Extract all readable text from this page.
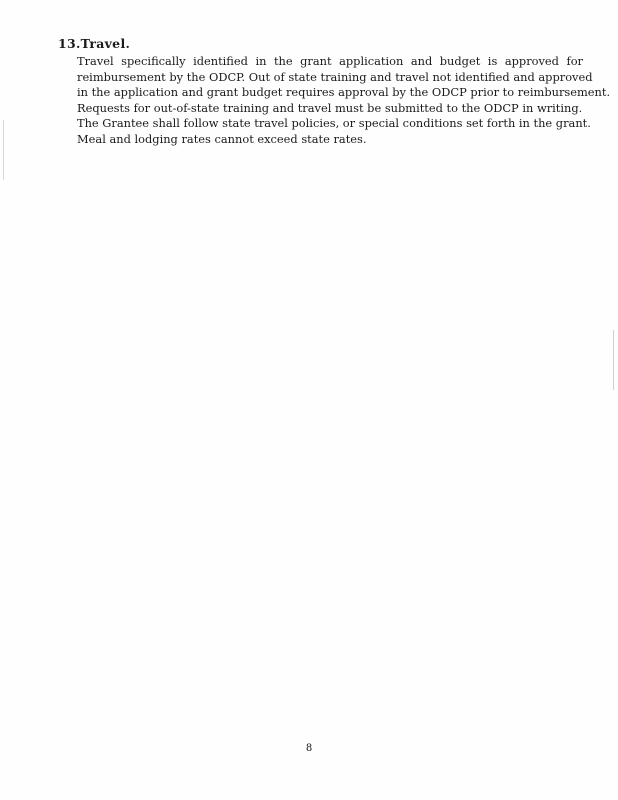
13.Travel.
Travel specifically identified in the grant application and budget is approved for
reimbursement by the ODCP. Out of state training and travel not identified and approved
in the application and grant budget requires approval by the ODCP prior to reimbursement.
Requests for out-of-state training and travel must be submitted to the ODCP in writing.
The Grantee shall follow state travel policies, or special conditions set forth in the grant.
Meal and lodging rates cannot exceed state rates.
8
